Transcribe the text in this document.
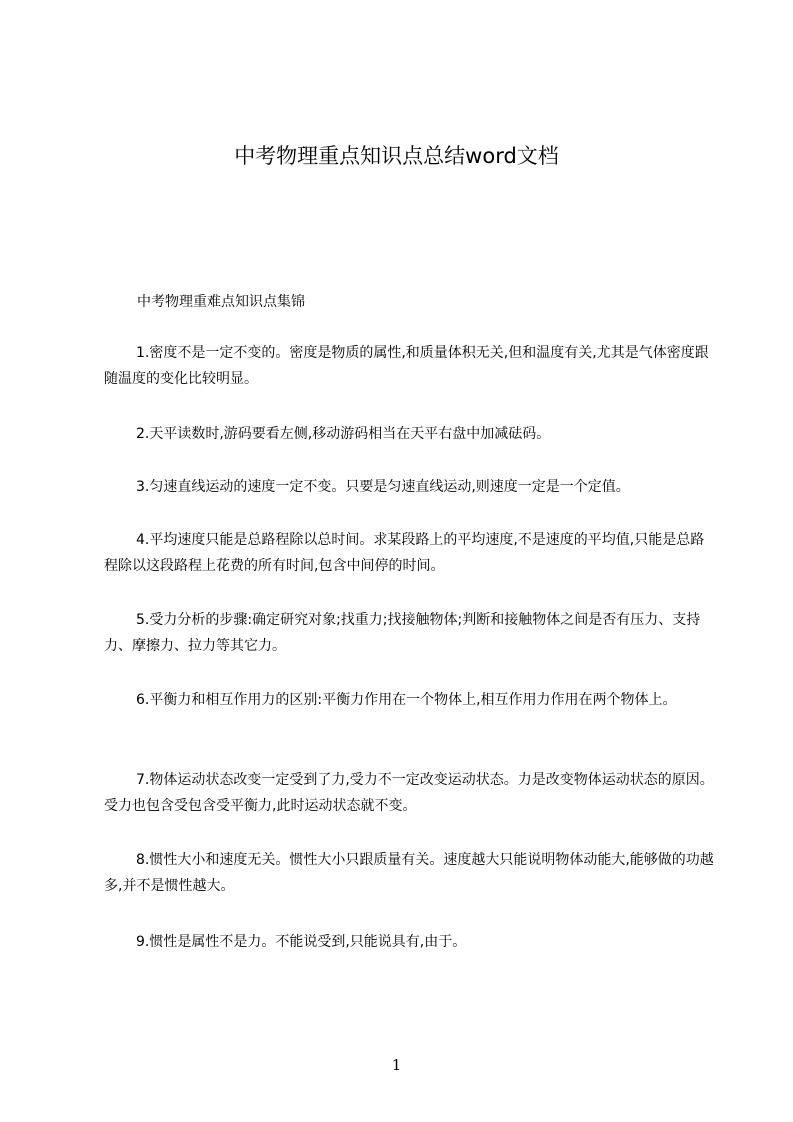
中考物理重点知识点总结word文档

中考物理重难点知识点集锦

1.密度不是一定不变的。密度是物质的属性,和质量体积无关,但和温度有关,尤其是气体密度跟随温度的变化比较明显。

2.天平读数时,游码要看左侧,移动游码相当在天平右盘中加减砝码。

3.匀速直线运动的速度一定不变。只要是匀速直线运动,则速度一定是一个定值。

4.平均速度只能是总路程除以总时间。求某段路上的平均速度,不是速度的平均值,只能是总路程除以这段路程上花费的所有时间,包含中间停的时间。

5.受力分析的步骤:确定研究对象;找重力;找接触物体;判断和接触物体之间是否有压力、支持力、摩擦力、拉力等其它力。

6.平衡力和相互作用力的区别:平衡力作用在一个物体上,相互作用力作用在两个物体上。

7.物体运动状态改变一定受到了力,受力不一定改变运动状态。力是改变物体运动状态的原因。受力也包含受包含受平衡力,此时运动状态就不变。

8.惯性大小和速度无关。惯性大小只跟质量有关。速度越大只能说明物体动能大,能够做的功越多,并不是惯性越大。

9.惯性是属性不是力。不能说受到,只能说具有,由于。

1
